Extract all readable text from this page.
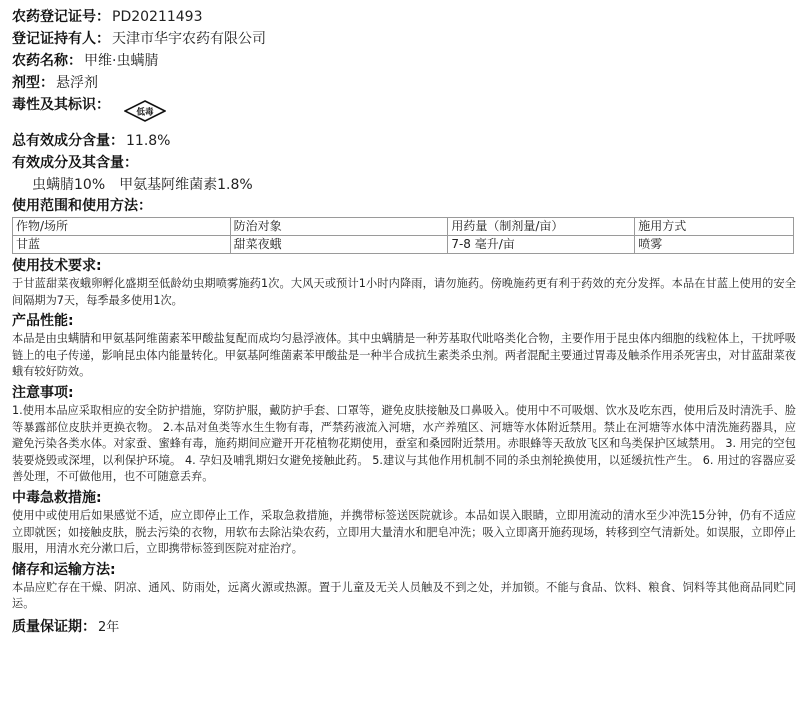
农药登记证号： PD20211493
登记证持有人： 天津市华宇农药有限公司
农药名称： 甲维·虫螨腈
剂型： 悬浮剂
毒性及其标识：	低毒
总有效成分含量： 11.8%
有效成分及其含量：
虫螨腈10% 甲氨基阿维菌素1.8%
使用范围和使用方法：
作物/场所	防治对象	用药量（制剂量/亩）	施用方式
甘蓝	甜菜夜蛾	7-8 毫升/亩	喷雾
使用技术要求:
于甘蓝甜菜夜蛾卵孵化盛期至低龄幼虫期喷雾施药1次。大风天或预计1小时内降雨，请勿施药。傍晚施药更有利于药效的充分发挥。本品在甘蓝上使用的安全间隔期为7天，每季最多使用1次。
产品性能:
本品是由虫螨腈和甲氨基阿维菌素苯甲酸盐复配而成均匀悬浮液体。其中虫螨腈是一种芳基取代吡咯类化合物，主要作用于昆虫体内细胞的线粒体上，干扰呼吸链上的电子传递，影响昆虫体内能量转化。甲氨基阿维菌素苯甲酸盐是一种半合成抗生素类杀虫剂。两者混配主要通过胃毒及触杀作用杀死害虫，对甘蓝甜菜夜蛾有较好防效。
注意事项:
1.使用本品应采取相应的安全防护措施，穿防护服，戴防护手套、口罩等，避免皮肤接触及口鼻吸入。使用中不可吸烟、饮水及吃东西，使用后及时清洗手、脸等暴露部位皮肤并更换衣物。 2.本品对鱼类等水生生物有毒，严禁药液流入河塘，水产养殖区、河塘等水体附近禁用。禁止在河塘等水体中清洗施药器具，应避免污染各类水体。对家蚕、蜜蜂有毒，施药期间应避开开花植物花期使用，蚕室和桑园附近禁用。赤眼蜂等天敌放飞区和鸟类保护区域禁用。 3. 用完的空包装要烧毁或深埋，以利保护环境。 4. 孕妇及哺乳期妇女避免接触此药。 5.建议与其他作用机制不同的杀虫剂轮换使用，以延缓抗性产生。 6. 用过的容器应妥善处理，不可做他用，也不可随意丢弃。
中毒急救措施:
使用中或使用后如果感觉不适，应立即停止工作，采取急救措施，并携带标签送医院就诊。本品如误入眼睛，立即用流动的清水至少冲洗15分钟，仍有不适应立即就医；如接触皮肤，脱去污染的衣物，用软布去除沾染农药，立即用大量清水和肥皂冲洗；吸入立即离开施药现场，转移到空气清新处。如误服，立即停止服用，用清水充分漱口后，立即携带标签到医院对症治疗。
储存和运输方法:
本品应贮存在干燥、阴凉、通风、防雨处，远离火源或热源。置于儿童及无关人员触及不到之处，并加锁。不能与食品、饮料、粮食、饲料等其他商品同贮同运。
质量保证期： 2年
